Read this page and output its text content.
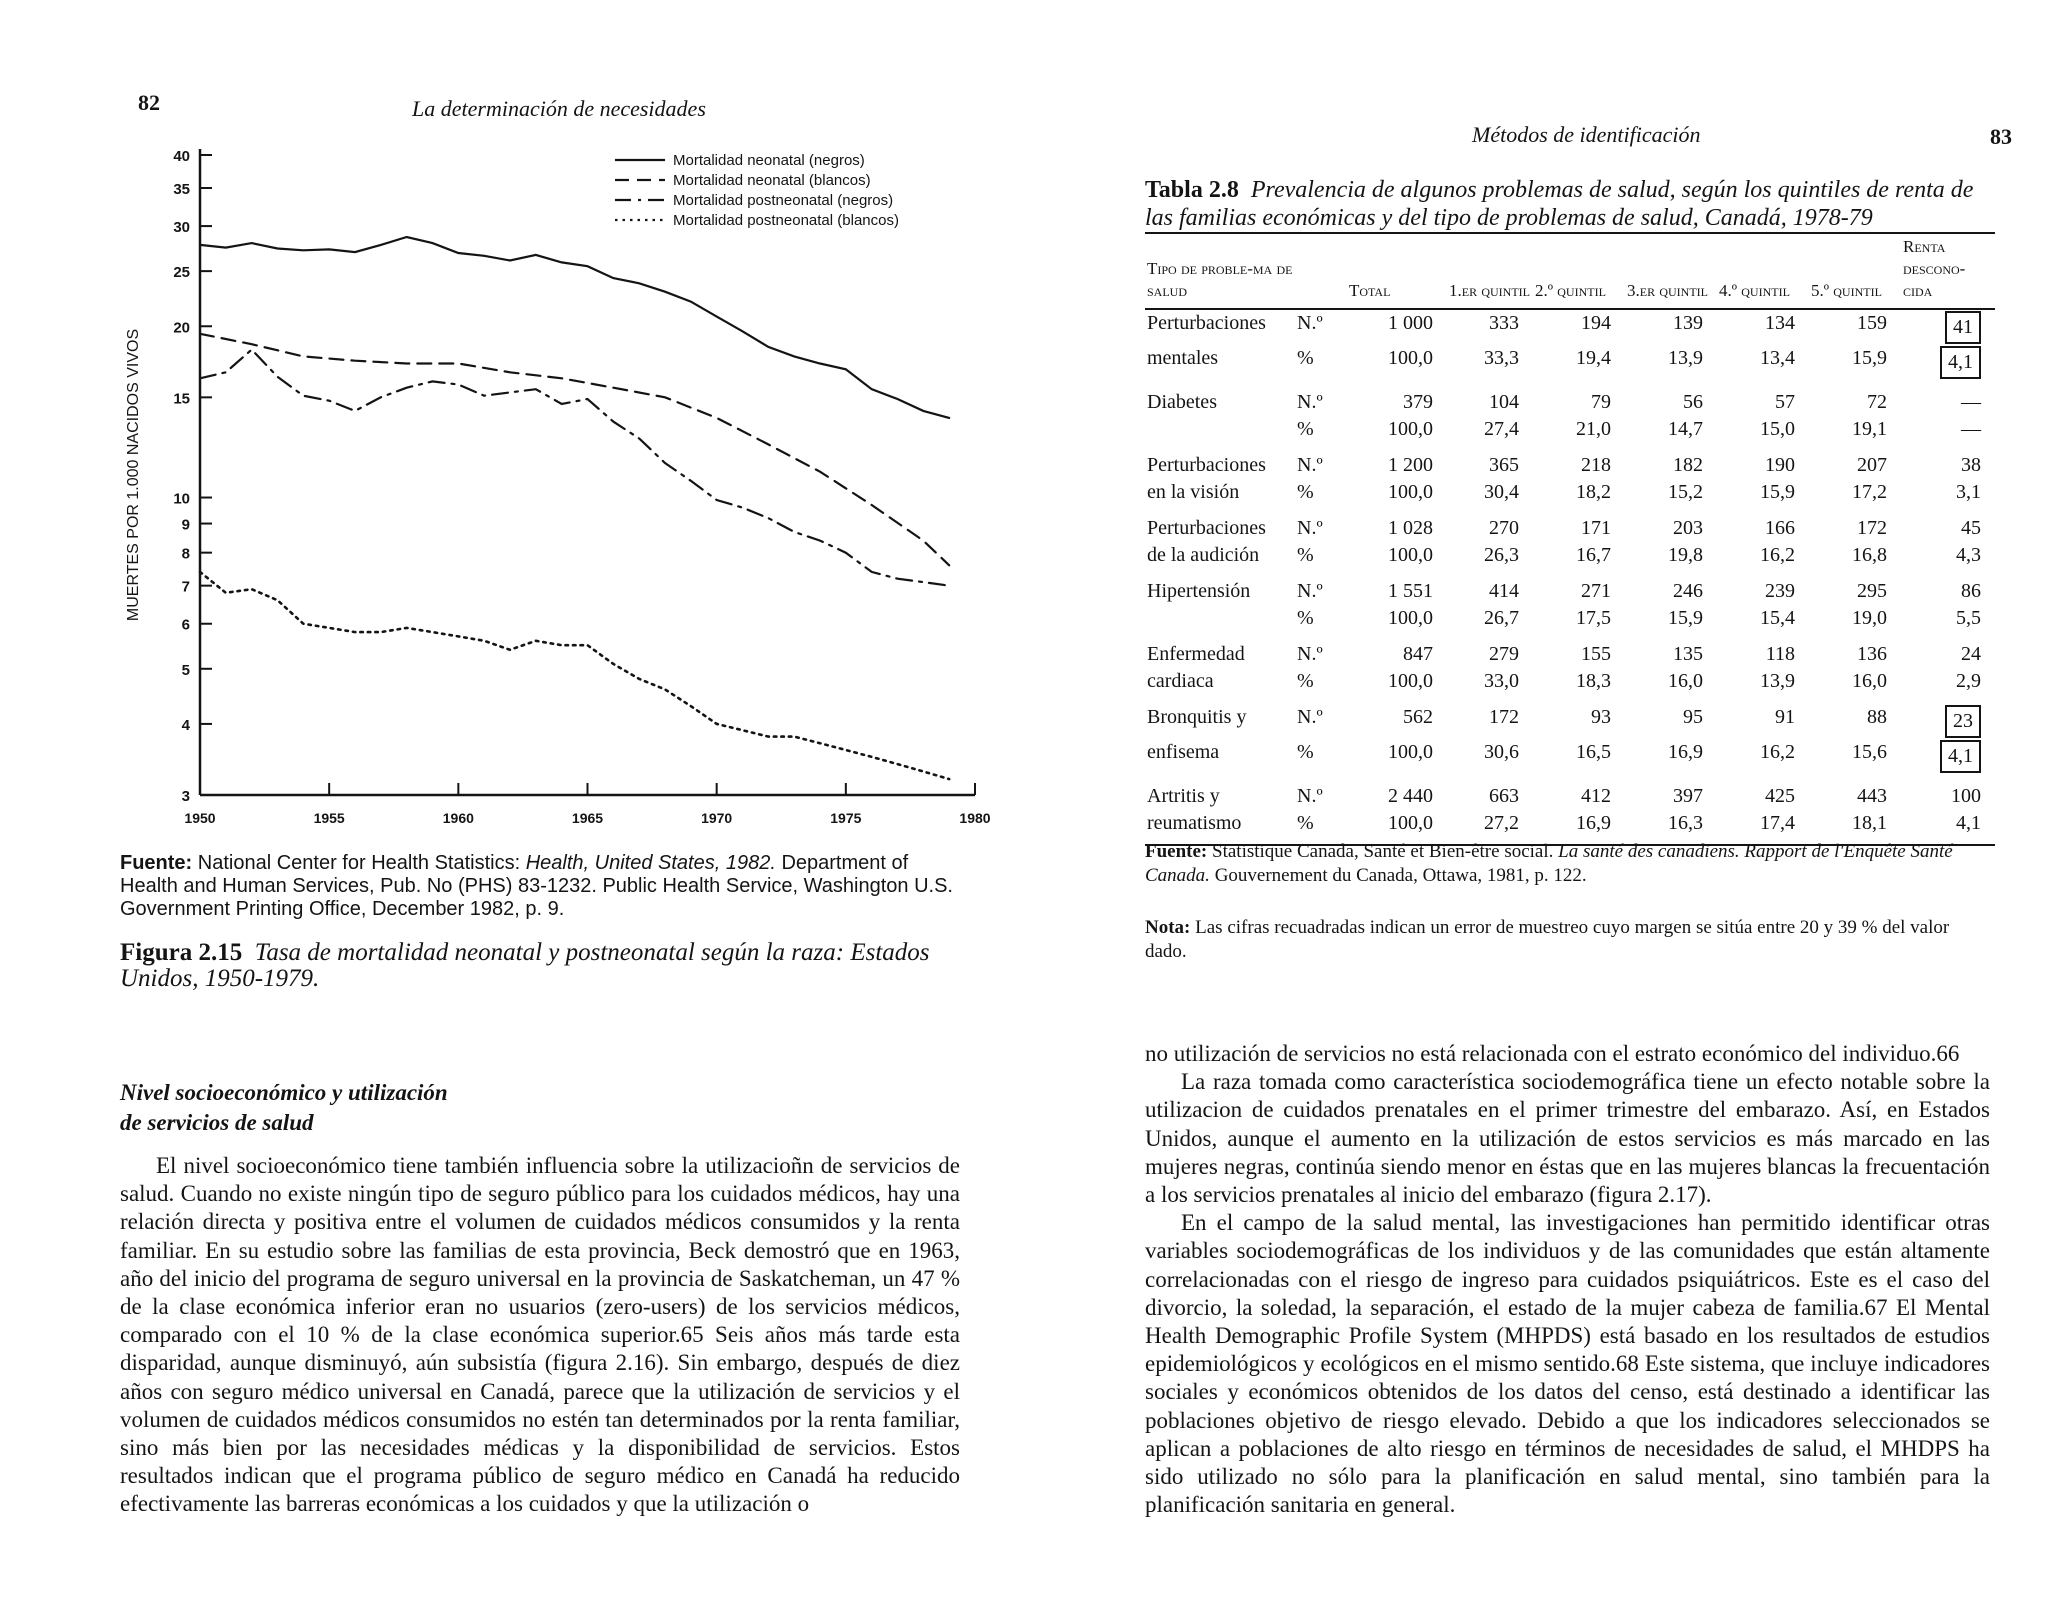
82	La determinación de necesidades
3
4
5
6
7
8
9
10
15
20
25
30
35
40
1950	1955	1960	1965	1970	1975	1980
MUERTES POR 1.000 NACIDOS VIVOS
Mortalidad neonatal (negros)
Mortalidad neonatal (blancos)
Mortalidad postneonatal (negros)
Mortalidad postneonatal (blancos)
Fuente: National Center for Health Statistics: Health, United States, 1982. Department of Health and Human Services, Pub. No (PHS) 83-1232. Public Health Service, Washington U.S. Government Printing Office, December 1982, p. 9.
Figura 2.15 Tasa de mortalidad neonatal y postneonatal según la raza: Estados Unidos, 1950-1979.
Nivel socioeconómico y utilización
de servicios de salud

El nivel socioeconómico tiene también influencia sobre la utilizacioñn de servicios de salud. Cuando no existe ningún tipo de seguro público para los cuidados médicos, hay una relación directa y positiva entre el volumen de cuidados médicos consumidos y la renta familiar. En su estudio sobre las familias de esta provincia, Beck demostró que en 1963, año del inicio del programa de seguro universal en la provincia de Saskatcheman, un 47 % de la clase económica inferior eran no usuarios (zero-users) de los servicios médicos, comparado con el 10 % de la clase económica superior.65 Seis años más tarde esta disparidad, aunque disminuyó, aún subsistía (figura 2.16). Sin embargo, después de diez años con seguro médico universal en Canadá, parece que la utilización de servicios y el volumen de cuidados médicos consumidos no estén tan determinados por la renta familiar, sino más bien por las necesidades médicas y la disponibilidad de servicios. Estos resultados indican que el programa público de seguro médico en Canadá ha reducido efectivamente las barreras económicas a los cuidados y que la utilización o

83
Métodos de identificación
Tabla 2.8 Prevalencia de algunos problemas de salud, según los quintiles de renta de las familias económicas y del tipo de problemas de salud, Canadá, 1978-79
Tipo de proble-ma de salud		Total	1.er quintil	2.º quintil	3.er quintil	4.º quintil	5.º quintil	Renta descono-cida
Perturbaciones	N.º	1 000	333	194	139	134	159	41
mentales	%	100,0	33,3	19,4	13,9	13,4	15,9	4,1
Diabetes	N.º	379	104	79	56	57	72	—
	%	100,0	27,4	21,0	14,7	15,0	19,1	—
Perturbaciones	N.º	1 200	365	218	182	190	207	38
en la visión	%	100,0	30,4	18,2	15,2	15,9	17,2	3,1
Perturbaciones	N.º	1 028	270	171	203	166	172	45
de la audición	%	100,0	26,3	16,7	19,8	16,2	16,8	4,3
Hipertensión	N.º	1 551	414	271	246	239	295	86
	%	100,0	26,7	17,5	15,9	15,4	19,0	5,5
Enfermedad	N.º	847	279	155	135	118	136	24
cardiaca	%	100,0	33,0	18,3	16,0	13,9	16,0	2,9
Bronquitis y	N.º	562	172	93	95	91	88	23
enfisema	%	100,0	30,6	16,5	16,9	16,2	15,6	4,1
Artritis y	N.º	2 440	663	412	397	425	443	100
reumatismo	%	100,0	27,2	16,9	16,3	17,4	18,1	4,1
Fuente: Statistique Canada, Santé et Bien-être social. La santé des canadiens. Rapport de l'Enquête Santé Canada. Gouvernement du Canada, Ottawa, 1981, p. 122.
Nota: Las cifras recuadradas indican un error de muestreo cuyo margen se sitúa entre 20 y 39 % del valor dado.

no utilización de servicios no está relacionada con el estrato económico del individuo.66

La raza tomada como característica sociodemográfica tiene un efecto notable sobre la utilizacion de cuidados prenatales en el primer trimestre del embarazo. Así, en Estados Unidos, aunque el aumento en la utilización de estos servicios es más marcado en las mujeres negras, continúa siendo menor en éstas que en las mujeres blancas la frecuentación a los servicios prenatales al inicio del embarazo (figura 2.17).

En el campo de la salud mental, las investigaciones han permitido identificar otras variables sociodemográficas de los individuos y de las comunidades que están altamente correlacionadas con el riesgo de ingreso para cuidados psiquiátricos. Este es el caso del divorcio, la soledad, la separación, el estado de la mujer cabeza de familia.67 El Mental Health Demographic Profile System (MHPDS) está basado en los resultados de estudios epidemiológicos y ecológicos en el mismo sentido.68 Este sistema, que incluye indicadores sociales y económicos obtenidos de los datos del censo, está destinado a identificar las poblaciones objetivo de riesgo elevado. Debido a que los indicadores seleccionados se aplican a poblaciones de alto riesgo en términos de necesidades de salud, el MHDPS ha sido utilizado no sólo para la planificación en salud mental, sino también para la planificación sanitaria en general.
